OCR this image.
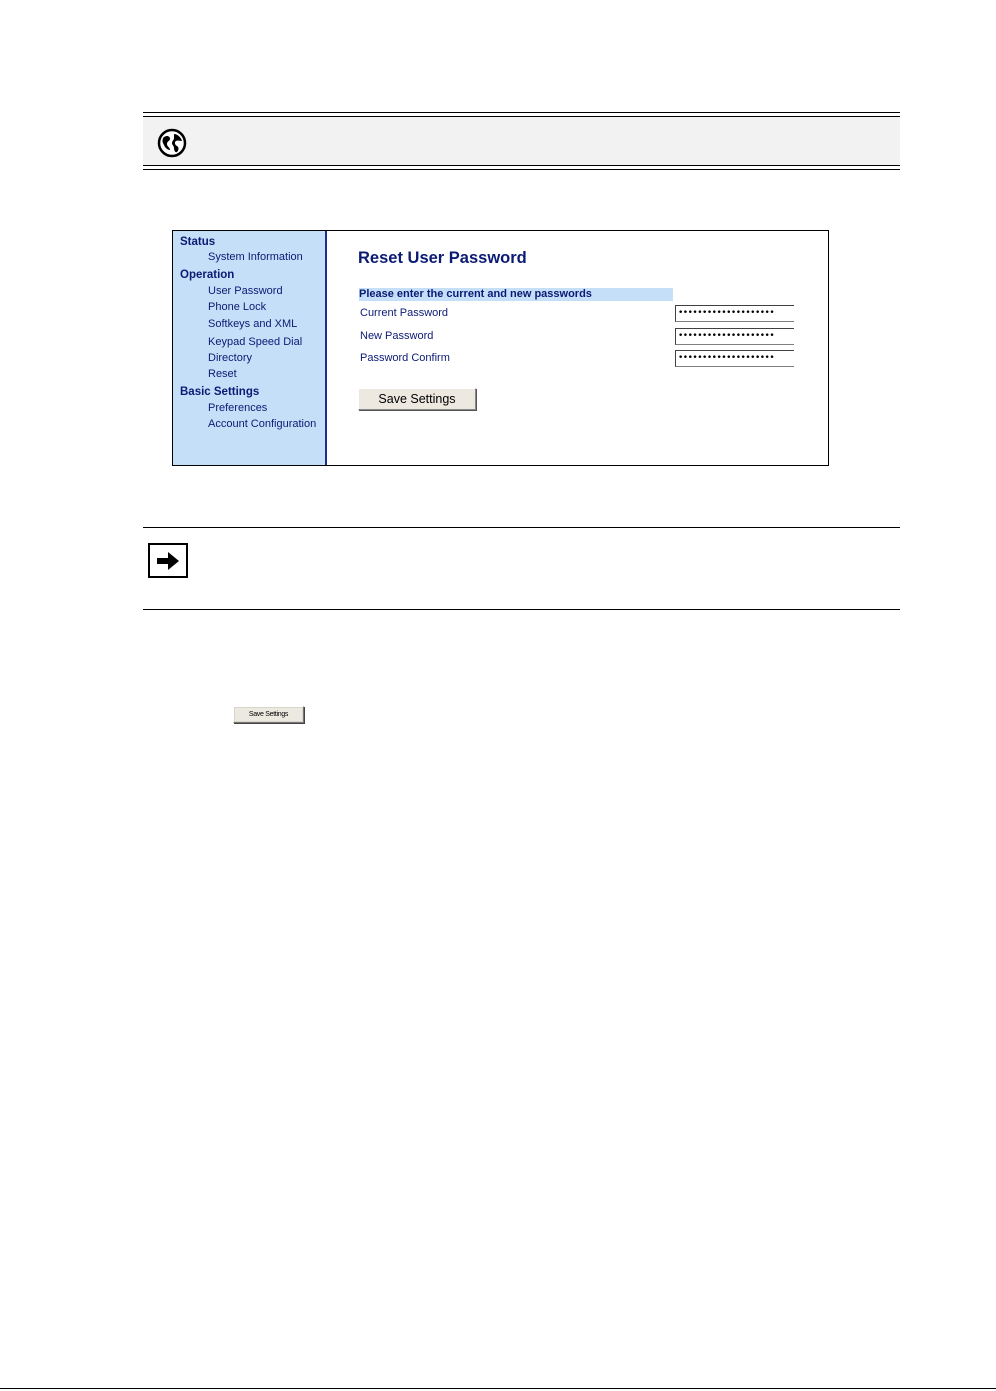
Status
System Information
Operation
User Password
Phone Lock
Softkeys and XML
Keypad Speed Dial
Directory
Reset
Basic Settings
Preferences
Account Configuration
Reset User Password
Please enter the current and new passwords
Current Password	••••••••••••••••••••
New Password	••••••••••••••••••••
Password Confirm	••••••••••••••••••••
Save Settings
Save Settings
